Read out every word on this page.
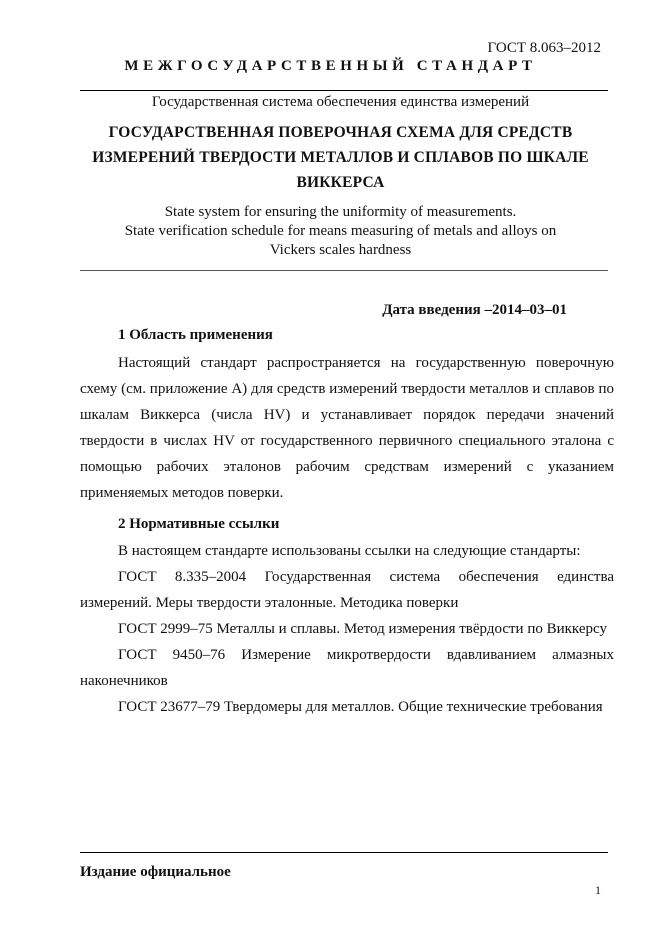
ГОСТ 8.063–2012
МЕЖГОСУДАРСТВЕННЫЙ СТАНДАРТ
Государственная система обеспечения единства измерений
ГОСУДАРСТВЕННАЯ ПОВЕРОЧНАЯ СХЕМА ДЛЯ СРЕДСТВ
ИЗМЕРЕНИЙ ТВЕРДОСТИ МЕТАЛЛОВ И СПЛАВОВ ПО ШКАЛЕ
ВИККЕРСА
State system for ensuring the uniformity of measurements.
State verification schedule for means measuring of metals and alloys on
Vickers scales hardness
Дата введения –2014–03–01
1 Область применения

Настоящий стандарт распространяется на государственную поверочную схему (см. приложение А) для средств измерений твердости металлов и сплавов по шкалам Виккерса (числа HV) и устанавливает порядок передачи значений твердости в числах HV от государственного первичного специального эталона с помощью рабочих эталонов рабочим средствам измерений с указанием применяемых методов поверки.

2 Нормативные ссылки

В настоящем стандарте использованы ссылки на следующие стандарты:

ГОСТ 8.335–2004 Государственная система обеспечения единства измерений. Меры твердости эталонные. Методика поверки

ГОСТ 2999–75 Металлы и сплавы. Метод измерения твёрдости по Виккерсу

ГОСТ 9450–76 Измерение микротвердости вдавливанием алмазных наконечников

ГОСТ 23677–79 Твердомеры для металлов. Общие технические требования

Издание официальное
1
